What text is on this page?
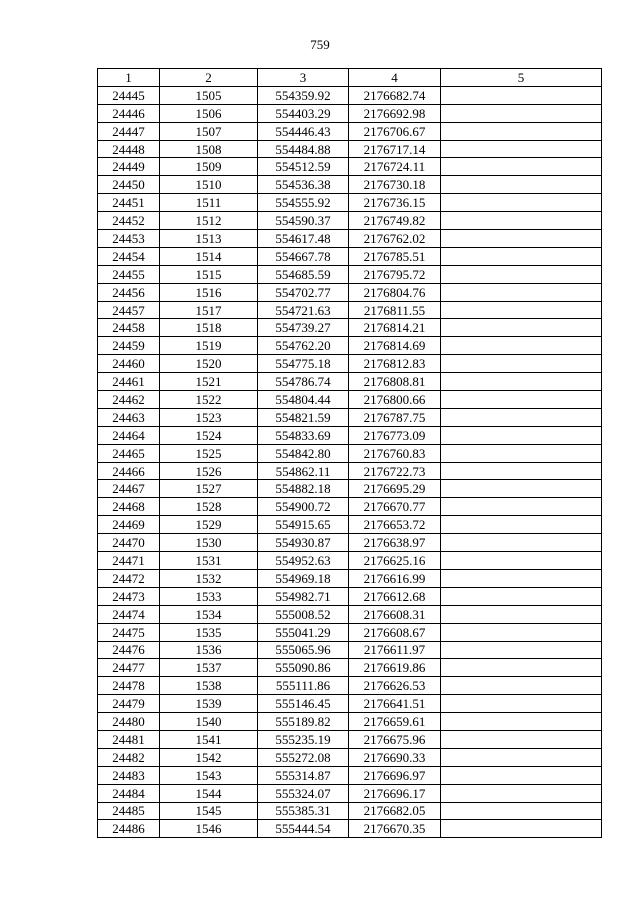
759
1	2	3	4	5
24445	1505	554359.92	2176682.74	
24446	1506	554403.29	2176692.98	
24447	1507	554446.43	2176706.67	
24448	1508	554484.88	2176717.14	
24449	1509	554512.59	2176724.11	
24450	1510	554536.38	2176730.18	
24451	1511	554555.92	2176736.15	
24452	1512	554590.37	2176749.82	
24453	1513	554617.48	2176762.02	
24454	1514	554667.78	2176785.51	
24455	1515	554685.59	2176795.72	
24456	1516	554702.77	2176804.76	
24457	1517	554721.63	2176811.55	
24458	1518	554739.27	2176814.21	
24459	1519	554762.20	2176814.69	
24460	1520	554775.18	2176812.83	
24461	1521	554786.74	2176808.81	
24462	1522	554804.44	2176800.66	
24463	1523	554821.59	2176787.75	
24464	1524	554833.69	2176773.09	
24465	1525	554842.80	2176760.83	
24466	1526	554862.11	2176722.73	
24467	1527	554882.18	2176695.29	
24468	1528	554900.72	2176670.77	
24469	1529	554915.65	2176653.72	
24470	1530	554930.87	2176638.97	
24471	1531	554952.63	2176625.16	
24472	1532	554969.18	2176616.99	
24473	1533	554982.71	2176612.68	
24474	1534	555008.52	2176608.31	
24475	1535	555041.29	2176608.67	
24476	1536	555065.96	2176611.97	
24477	1537	555090.86	2176619.86	
24478	1538	555111.86	2176626.53	
24479	1539	555146.45	2176641.51	
24480	1540	555189.82	2176659.61	
24481	1541	555235.19	2176675.96	
24482	1542	555272.08	2176690.33	
24483	1543	555314.87	2176696.97	
24484	1544	555324.07	2176696.17	
24485	1545	555385.31	2176682.05	
24486	1546	555444.54	2176670.35	
